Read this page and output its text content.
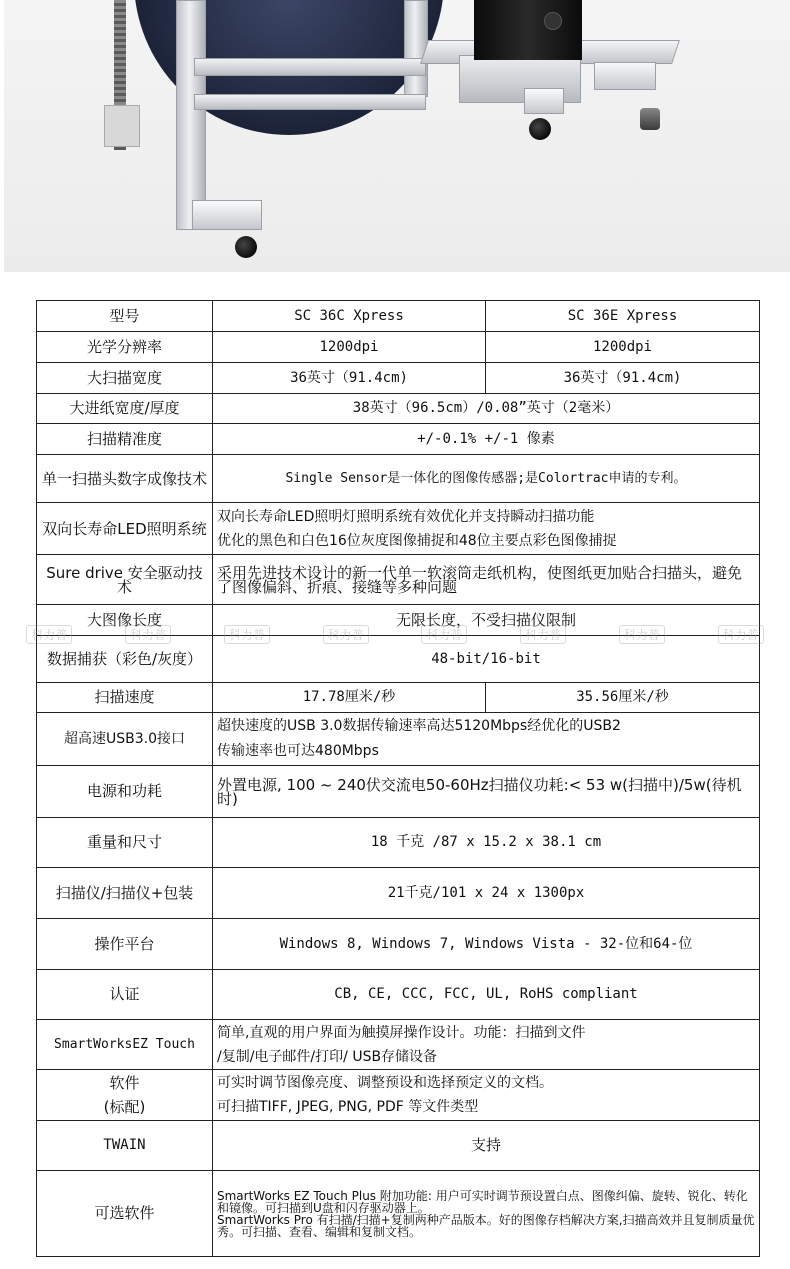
型号	SC 36C Xpress	SC 36E Xpress
光学分辨率	1200dpi	1200dpi
大扫描宽度	36英寸（91.4cm)	36英寸（91.4cm)
大进纸宽度/厚度	38英寸（96.5cm）/0.08”英寸（2毫米）	
扫描精准度	+/-0.1% +/-1 像素	
单一扫描头数字成像技术	Single Sensor是一体化的图像传感器;是Colortrac申请的专利。	
双向长寿命LED照明系统	双向长寿命LED照明灯照明系统有效优化并支持瞬动扫描功能
优化的黑色和白色16位灰度图像捕捉和48位主要点彩色图像捕捉	

Sure drive 安全驱动技术	采用先进技术设计的新一代单一软滚筒走纸机构，使图纸更加贴合扫描头，避免了图像偏斜、折痕、接缝等多种问题	
大图像长度	无限长度，不受扫描仪限制	
数据捕获（彩色/灰度）	48-bit/16-bit	
扫描速度	17.78厘米/秒	35.56厘米/秒
超高速USB3.0接口	超快速度的USB 3.0数据传输速率高达5120Mbps经优化的USB2
传输速率也可达480Mbps	

电源和功耗	外置电源, 100 ~ 240伏交流电50-60Hz扫描仪功耗:< 53 w(扫描中)/5w(待机时)	
重量和尺寸	18 千克 /87 x 15.2 x 38.1 cm	
扫描仪/扫描仪+包装	21千克/101 x 24 x 1300px	
操作平台	Windows 8, Windows 7, Windows Vista - 32-位和64-位	
认证	CB, CE, CCC, FCC, UL, RoHS compliant	
SmartWorksEZ Touch	简单,直观的用户界面为触摸屏操作设计。功能：扫描到文件
/复制/电子邮件/打印/ USB存储设备	

软件
(标配)	可实时调节图像亮度、调整预设和选择预定义的文档。
可扫描TIFF, JPEG, PNG, PDF 等文件类型	

TWAIN	支持	
可选软件	SmartWorks EZ Touch Plus 附加功能: 用户可实时调节预设置白点、图像纠偏、旋转、锐化、转化和镜像。可扫描到U盘和闪存驱动器上。
SmartWorks Pro 有扫描/扫描+复制两种产品版本。好的图像存档解决方案,扫描高效并且复制质量优秀。可扫描、查看、编辑和复制文档。	
科力普	科力普	科力普	科力普	科力普	科力普	科力普	科力普
